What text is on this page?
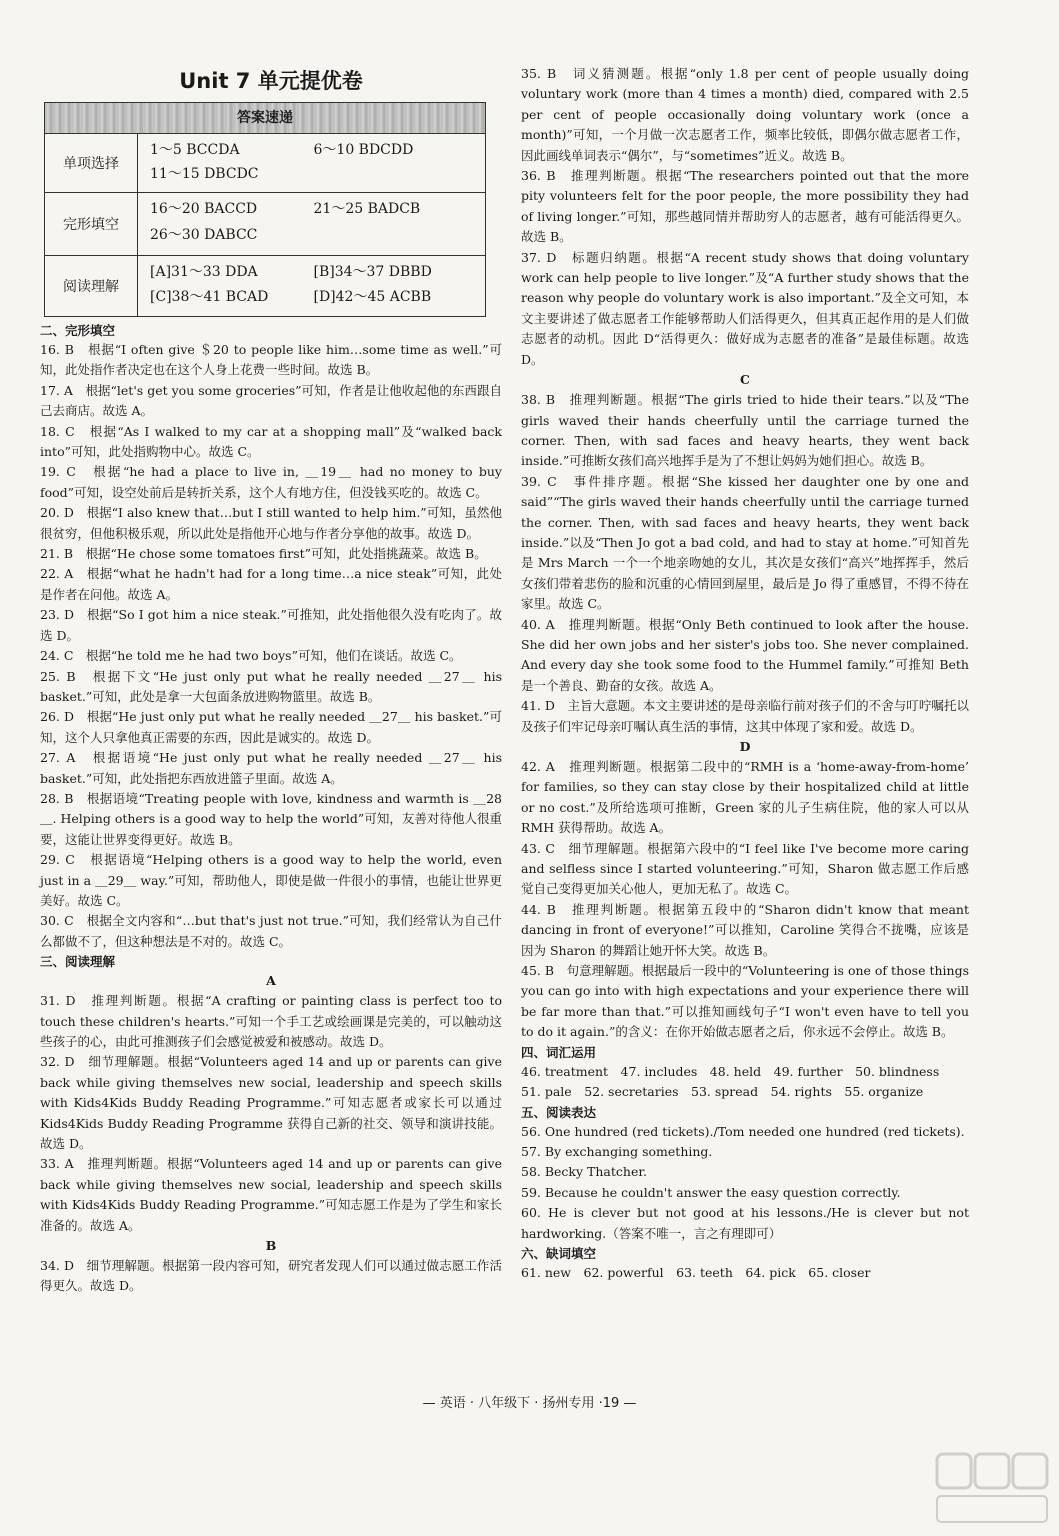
Unit 7 单元提优卷
答案速递
单项选择
1～5 BCCDA	6～10 BDCDD
11～15 DBCDC
完形填空
16～20 BACCD	21～25 BADCB
26～30 DABCC
阅读理解
[A]31～33 DDA	[B]34～37 DBBD
[C]38～41 BCAD	[D]42～45 ACBB
二、完形填空

16. B　根据“I often give ＄20 to people like him…some time as well.”可知，此处指作者决定也在这个人身上花费一些时间。故选 B。

17. A　根据“let's get you some groceries”可知，作者是让他收起他的东西跟自己去商店。故选 A。

18. C　根据“As I walked to my car at a shopping mall”及“walked back into”可知，此处指购物中心。故选 C。

19. C　根据“he had a place to live in, ＿19＿ had no money to buy food”可知，设空处前后是转折关系，这个人有地方住，但没钱买吃的。故选 C。

20. D　根据“I also knew that…but I still wanted to help him.”可知，虽然他很贫穷，但他积极乐观，所以此处是指他开心地与作者分享他的故事。故选 D。

21. B　根据“He chose some tomatoes first”可知，此处指挑蔬菜。故选 B。

22. A　根据“what he hadn't had for a long time…a nice steak”可知，此处是作者在问他。故选 A。

23. D　根据“So I got him a nice steak.”可推知，此处指他很久没有吃肉了。故选 D。

24. C　根据“he told me he had two boys”可知，他们在谈话。故选 C。

25. B　根据下文“He just only put what he really needed ＿27＿ his basket.”可知，此处是拿一大包面条放进购物篮里。故选 B。

26. D　根据“He just only put what he really needed ＿27＿ his basket.”可知，这个人只拿他真正需要的东西，因此是诚实的。故选 D。

27. A　根据语境“He just only put what he really needed ＿27＿ his basket.”可知，此处指把东西放进篮子里面。故选 A。

28. B　根据语境“Treating people with love, kindness and warmth is ＿28＿. Helping others is a good way to help the world”可知，友善对待他人很重要，这能让世界变得更好。故选 B。

29. C　根据语境“Helping others is a good way to help the world, even just in a ＿29＿ way.”可知，帮助他人，即使是做一件很小的事情，也能让世界更美好。故选 C。

30. C　根据全文内容和“…but that's just not true.”可知，我们经常认为自己什么都做不了，但这种想法是不对的。故选 C。

三、阅读理解
A

31. D　推理判断题。根据“A crafting or painting class is perfect too to touch these children's hearts.”可知一个手工艺或绘画课是完美的，可以触动这些孩子的心，由此可推测孩子们会感觉被爱和被感动。故选 D。

32. D　细节理解题。根据“Volunteers aged 14 and up or parents can give back while giving themselves new social, leadership and speech skills with Kids4Kids Buddy Reading Programme.”可知志愿者或家长可以通过 Kids4Kids Buddy Reading Programme 获得自己新的社交、领导和演讲技能。故选 D。

33. A　推理判断题。根据“Volunteers aged 14 and up or parents can give back while giving themselves new social, leadership and speech skills with Kids4Kids Buddy Reading Programme.”可知志愿工作是为了学生和家长准备的。故选 A。

B

34. D　细节理解题。根据第一段内容可知，研究者发现人们可以通过做志愿工作活得更久。故选 D。

35. B　词义猜测题。根据“only 1.8 per cent of people usually doing voluntary work (more than 4 times a month) died, compared with 2.5 per cent of people occasionally doing voluntary work (once a month)”可知，一个月做一次志愿者工作，频率比较低，即偶尔做志愿者工作，因此画线单词表示“偶尔”，与“sometimes”近义。故选 B。

36. B　推理判断题。根据“The researchers pointed out that the more pity volunteers felt for the poor people, the more possibility they had of living longer.”可知，那些越同情并帮助穷人的志愿者，越有可能活得更久。故选 B。

37. D　标题归纳题。根据“A recent study shows that doing voluntary work can help people to live longer.”及“A further study shows that the reason why people do voluntary work is also important.”及全文可知，本文主要讲述了做志愿者工作能够帮助人们活得更久，但其真正起作用的是人们做志愿者的动机。因此 D“活得更久：做好成为志愿者的准备”是最佳标题。故选 D。

C

38. B　推理判断题。根据“The girls tried to hide their tears.”以及“The girls waved their hands cheerfully until the carriage turned the corner. Then, with sad faces and heavy hearts, they went back inside.”可推断女孩们高兴地挥手是为了不想让妈妈为她们担心。故选 B。

39. C　事件排序题。根据“She kissed her daughter one by one and said”“The girls waved their hands cheerfully until the carriage turned the corner. Then, with sad faces and heavy hearts, they went back inside.”以及“Then Jo got a bad cold, and had to stay at home.”可知首先是 Mrs March 一个一个地亲吻她的女儿，其次是女孩们“高兴”地挥挥手，然后女孩们带着悲伤的脸和沉重的心情回到屋里，最后是 Jo 得了重感冒，不得不待在家里。故选 C。

40. A　推理判断题。根据“Only Beth continued to look after the house. She did her own jobs and her sister's jobs too. She never complained. And every day she took some food to the Hummel family.”可推知 Beth 是一个善良、勤奋的女孩。故选 A。

41. D　主旨大意题。本文主要讲述的是母亲临行前对孩子们的不舍与叮咛嘱托以及孩子们牢记母亲叮嘱认真生活的事情，这其中体现了家和爱。故选 D。

D

42. A　推理判断题。根据第二段中的“RMH is a ‘home-away-from-home’ for families, so they can stay close by their hospitalized child at little or no cost.”及所给选项可推断，Green 家的儿子生病住院，他的家人可以从 RMH 获得帮助。故选 A。

43. C　细节理解题。根据第六段中的“I feel like I've become more caring and selfless since I started volunteering.”可知，Sharon 做志愿工作后感觉自己变得更加关心他人，更加无私了。故选 C。

44. B　推理判断题。根据第五段中的“Sharon didn't know that meant dancing in front of everyone!”可以推知，Caroline 笑得合不拢嘴，应该是因为 Sharon 的舞蹈让她开怀大笑。故选 B。

45. B　句意理解题。根据最后一段中的“Volunteering is one of those things you can go into with high expectations and your experience there will be far more than that.”可以推知画线句子“I won't even have to tell you to do it again.”的含义：在你开始做志愿者之后，你永远不会停止。故选 B。

四、词汇运用
46. treatment　47. includes　48. held　49. further　50. blindness
51. pale　52. secretaries　53. spread　54. rights　55. organize
五、阅读表达

56. One hundred (red tickets)./Tom needed one hundred (red tickets).

57. By exchanging something.

58. Becky Thatcher.

59. Because he couldn't answer the easy question correctly.

60. He is clever but not good at his lessons./He is clever but not hardworking.（答案不唯一，言之有理即可）

六、缺词填空
61. new　62. powerful　63. teeth　64. pick　65. closer
— 英语 · 八年级下 · 扬州专用 ·19 —
